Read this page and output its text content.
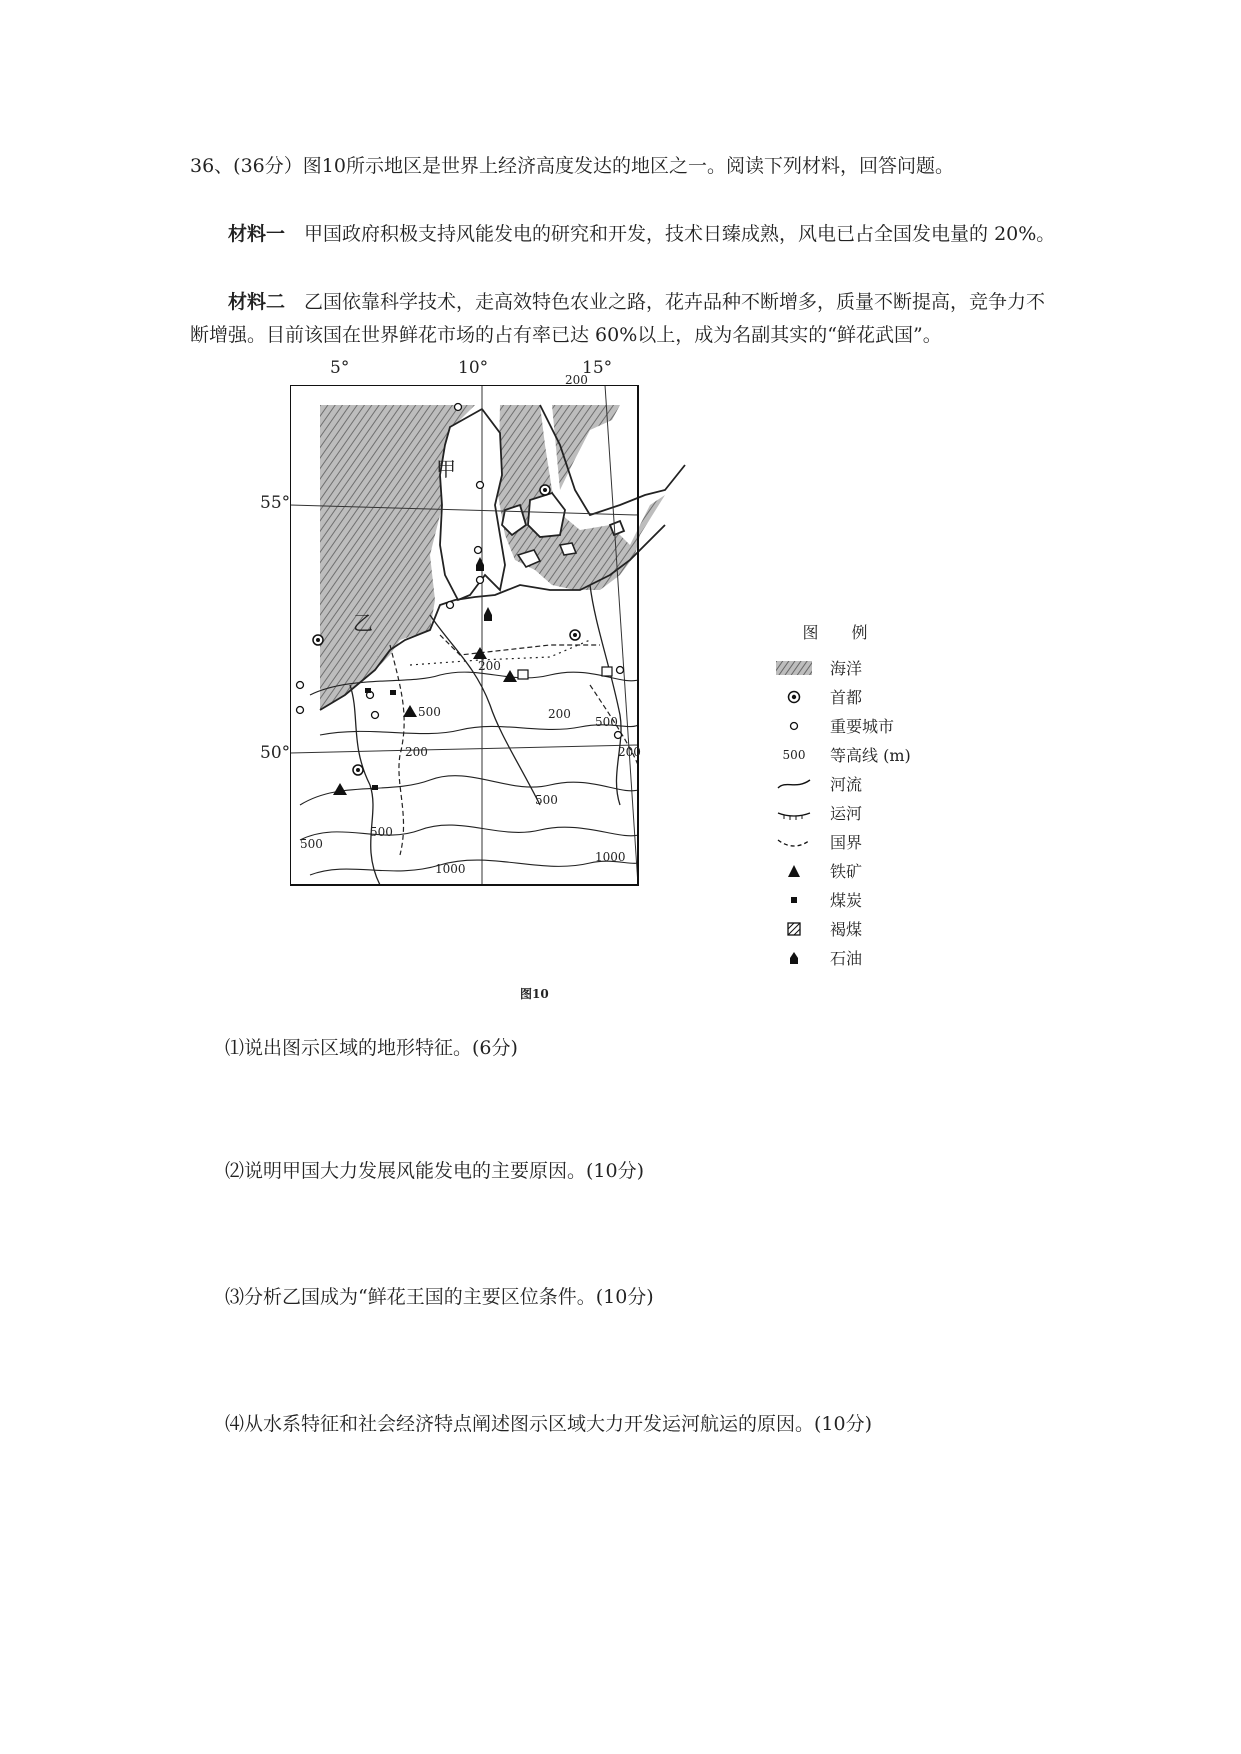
36、(36分）图10所示地区是世界上经济高度发达的地区之一。阅读下列材料，回答问题。

材料一　 甲国政府积极支持风能发电的研究和开发，技术日臻成熟，风电已占全国发电量的 20%。

材料二　 乙国依靠科学技术，走高效特色农业之路，花卉品种不断增多，质量不断提高，竞争力不断增强。目前该国在世界鲜花市场的占有率已达 60%以上，成为名副其实的“鲜花武国”。

5°	10°	15°
55°
50°
甲
乙
200
200
200
200	200
500
500
500
500
500
1000
1000
图10
图 例
海洋
首都
重要城市
500 等高线 (m)
河流
运河
国界
铁矿
煤炭
褐煤
石油

⑴说出图示区域的地形特征。(6分)

⑵说明甲国大力发展风能发电的主要原因。(10分)

⑶分析乙国成为“鲜花王国的主要区位条件。(10分)

⑷从水系特征和社会经济特点阐述图示区域大力开发运河航运的原因。(10分)
